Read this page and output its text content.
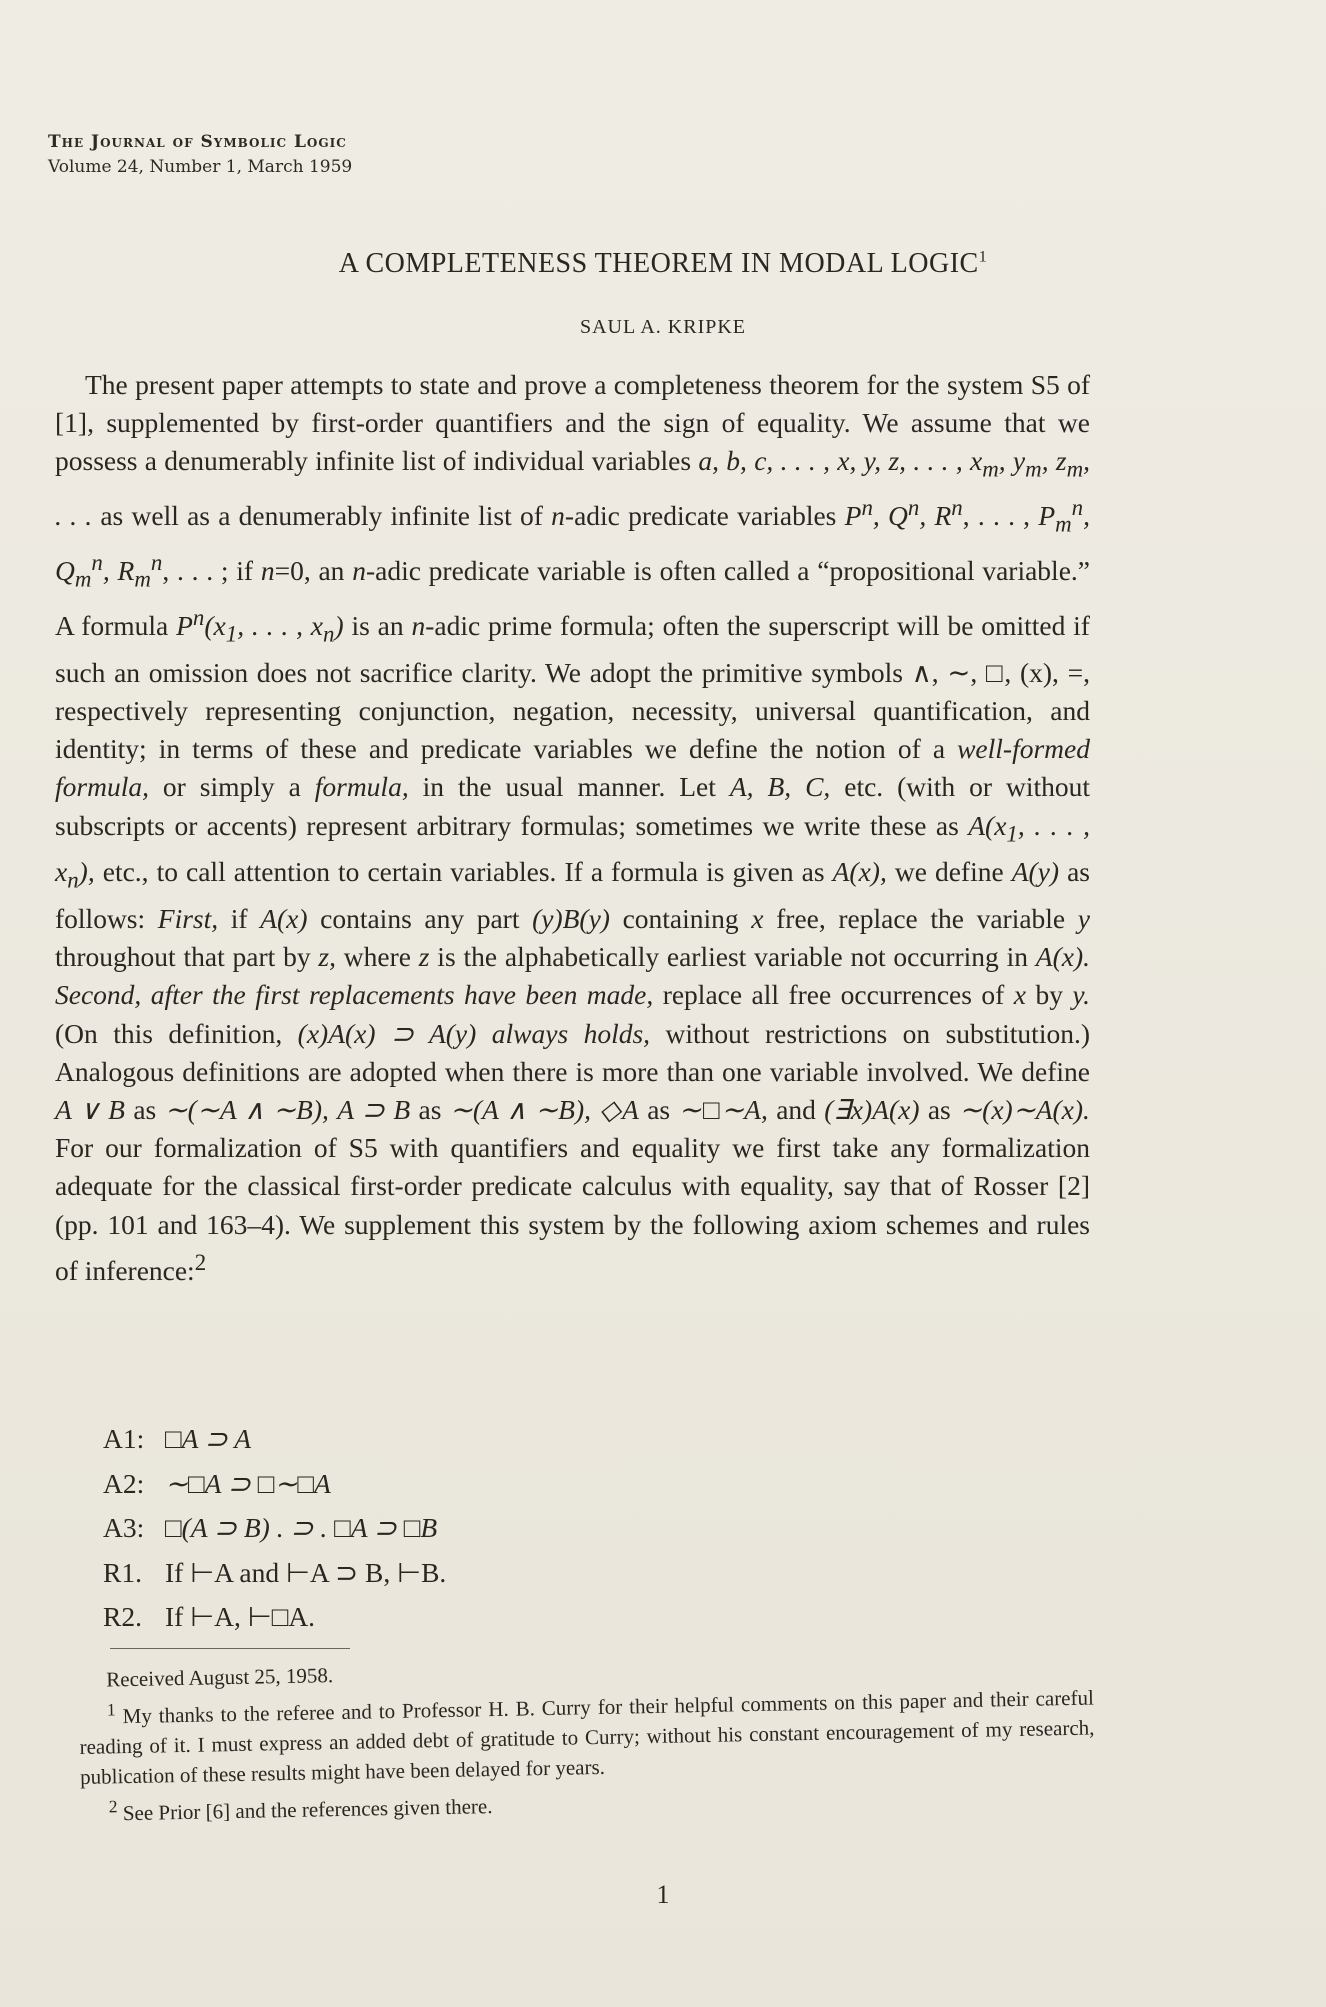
The Journal of Symbolic Logic
Volume 24, Number 1, March 1959
A COMPLETENESS THEOREM IN MODAL LOGIC$^1$
SAUL A. KRIPKE
The present paper attempts to state and prove a completeness theorem for the system S5 of [1], supplemented by first-order quantifiers and the sign of equality. We assume that we possess a denumerably infinite list of individual variables a, b, c, . . . , x, y, z, . . . , $x_m$, $y_m$, $z_m$, . . . as well as a denumerably infinite list of n-adic predicate variables $P^n$, $Q^n$, $R^n$, . . . , $P_m^n$, $Q_m^n$, $R_m^n$, . . . ; if n=0, an n-adic predicate variable is often called a “propositional variable.” A formula $P^n(x_1$, . . . , $x_n$) is an n-adic prime formula; often the superscript will be omitted if such an omission does not sacrifice clarity. We adopt the primitive symbols ∧, ∼, □, (x), =, respectively representing conjunction, negation, necessity, universal quantification, and identity; in terms of these and predicate variables we define the notion of a well-formed formula, or simply a formula, in the usual manner. Let A, B, C, etc. (with or without subscripts or accents) represent arbitrary formulas; sometimes we write these as $A(x_1$, . . . , $x_n$), etc., to call attention to certain variables. If a formula is given as A(x), we define A(y) as follows: First, if A(x) contains any part (y)B(y) containing x free, replace the variable y throughout that part by z, where z is the alphabetically earliest variable not occurring in A(x). Second, after the first replacements have been made, replace all free occurrences of x by y. (On this definition, (x)A(x) ⊃ A(y) always holds, without restrictions on substitution.) Analogous definitions are adopted when there is more than one variable involved. We define A ∨ B as ∼(∼A ∧ ∼B), A ⊃ B as ∼(A ∧ ∼B), ◇A as ∼□∼A, and (∃x)A(x) as ∼(x)∼A(x). For our formalization of S5 with quantifiers and equality we first take any formalization adequate for the classical first-order predicate calculus with equality, say that of Rosser [2] (pp. 101 and 163–4). We supplement this system by the following axiom schemes and rules of inference:$^2$
A1: □A ⊃ A
A2: ∼□A ⊃ □∼□A
A3: □(A ⊃ B) . ⊃ . □A ⊃ □B
R1. If ⊢A and ⊢A ⊃ B, ⊢B.
R2. If ⊢A, ⊢□A.

Received August 25, 1958.

$^1$ My thanks to the referee and to Professor H. B. Curry for their helpful comments on this paper and their careful reading of it. I must express an added debt of gratitude to Curry; without his constant encouragement of my research, publication of these results might have been delayed for years.

$^2$ See Prior [6] and the references given there.

1
